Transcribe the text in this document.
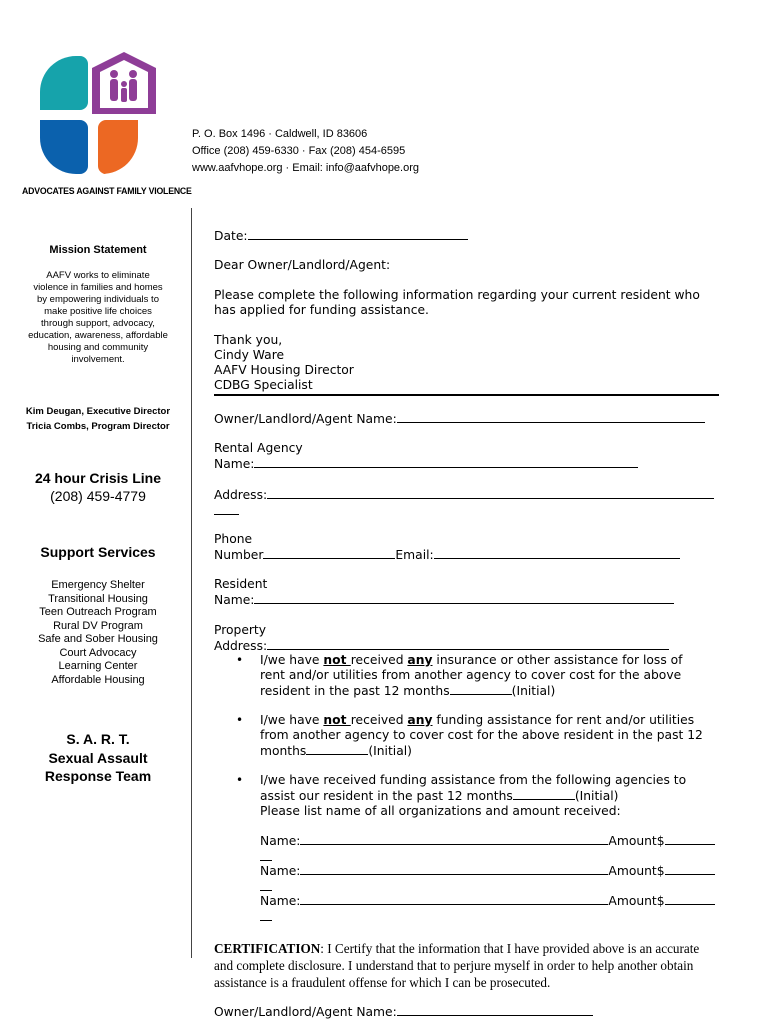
ADVOCATES AGAINST FAMILY VIOLENCE
P. O. Box 1496 · Caldwell, ID 83606
Office (208) 459-6330 · Fax (208) 454-6595
www.aafvhope.org · Email: info@aafvhope.org
Mission Statement
AAFV works to eliminate violence in families and homes by empowering individuals to make positive life choices through support, advocacy, education, awareness, affordable housing and community involvement.
Kim Deugan, Executive Director
Tricia Combs, Program Director
24 hour Crisis Line
(208) 459-4779
Support Services
Emergency Shelter
Transitional Housing
Teen Outreach Program
Rural DV Program
Safe and Sober Housing
Court Advocacy
Learning Center
Affordable Housing
S. A. R. T.
Sexual Assault
Response Team
Date:
Dear Owner/Landlord/Agent:
Please complete the following information regarding your current resident who
has applied for funding assistance.
Thank you,
Cindy Ware
AAFV Housing Director
CDBG Specialist
Owner/Landlord/Agent Name:
Rental Agency
Name:
Address:
Phone
Number	Email:
Resident
Name:
Property
Address:
• I/we have not received any insurance or other assistance for loss of
rent and/or utilities from another agency to cover cost for the above
resident in the past 12 months	(Initial)
• I/we have not received any funding assistance for rent and/or utilities
from another agency to cover cost for the above resident in the past 12
months	(Initial)
• I/we have received funding assistance from the following agencies to
assist our resident in the past 12 months	(Initial)
Please list name of all organizations and amount received:
Name:	Amount$
Name:	Amount$
Name:	Amount$
CERTIFICATION: I Certify that the information that I have provided above is an accurate and complete disclosure. I understand that to perjure myself in order to help another obtain assistance is a fraudulent offense for which I can be prosecuted.
Owner/Landlord/Agent Name:
